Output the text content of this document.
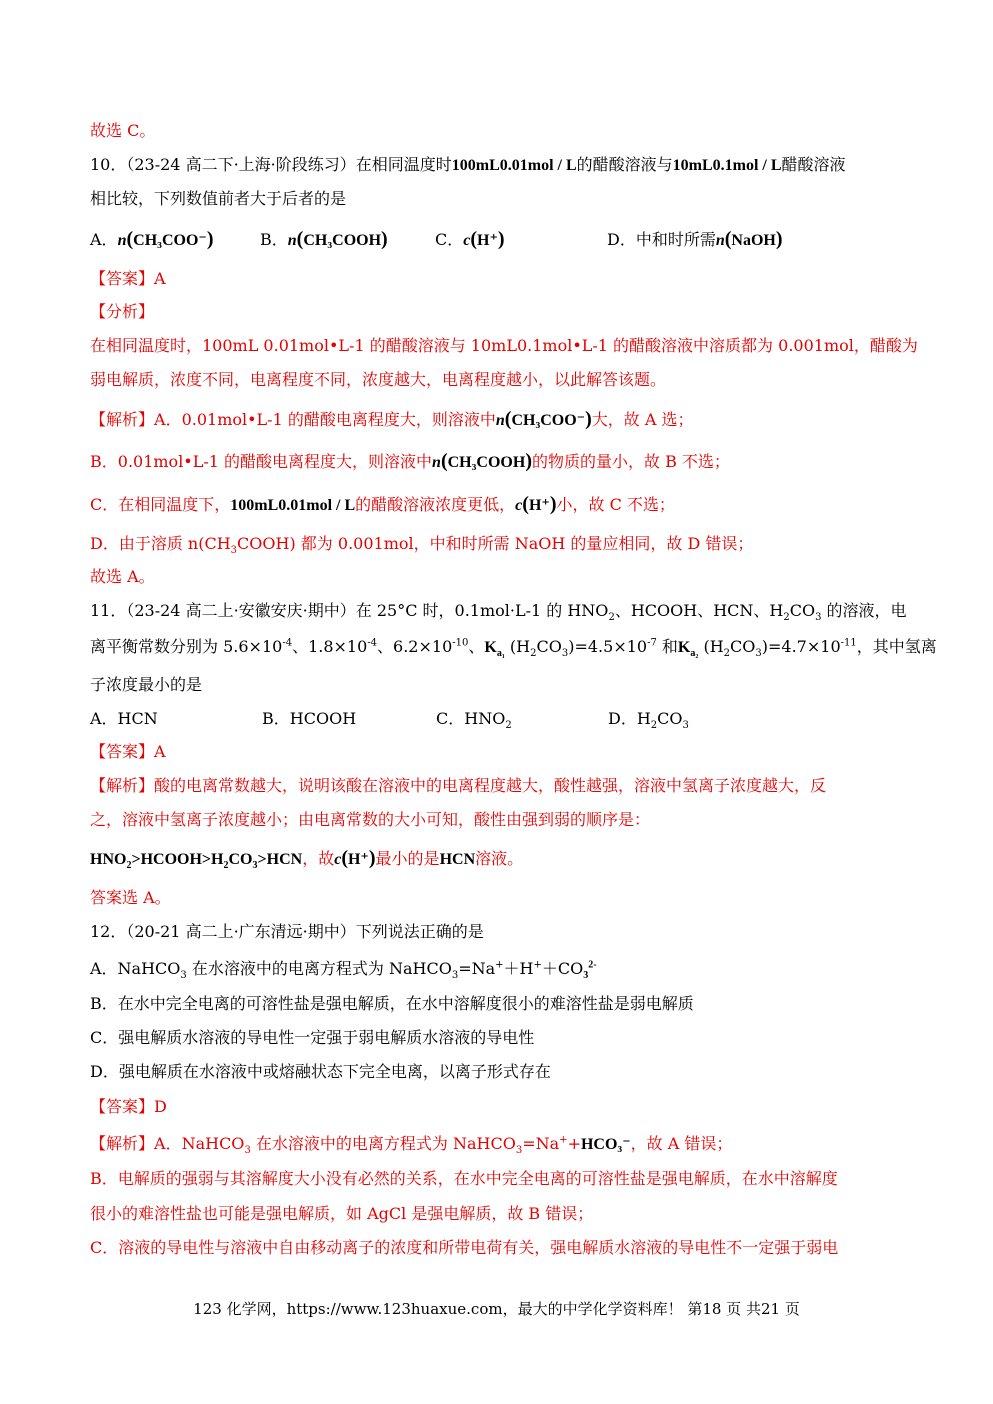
故选 C。
10．（23-24 高二下·上海·阶段练习）在相同温度时100mL0.01mol / L的醋酸溶液与10mL0.1mol / L醋酸溶液
相比较，下列数值前者大于后者的是
A．n(CH₃COO⁻)	B．n(CH₃COOH)	C．c(H⁺)	D．中和时所需n(NaOH)
【答案】A
【分析】
在相同温度时，100mL 0.01mol•L-1 的醋酸溶液与 10mL0.1mol•L-1 的醋酸溶液中溶质都为 0.001mol，醋酸为
弱电解质，浓度不同，电离程度不同，浓度越大，电离程度越小，以此解答该题。
【解析】A．0.01mol•L-1 的醋酸电离程度大，则溶液中n(CH₃COO⁻)大，故 A 选；
B．0.01mol•L-1 的醋酸电离程度大，则溶液中n(CH₃COOH)的物质的量小，故 B 不选；
C．在相同温度下，100mL0.01mol / L的醋酸溶液浓度更低，c(H⁺)小，故 C 不选；
D．由于溶质 $n(CH_3COOH)$ 都为 0.001mol，中和时所需 NaOH 的量应相同，故 D 错误；
故选 A。
11．（23-24 高二上·安徽安庆·期中）在 25°C 时，0.1mol·L-1 的 $HNO_2$、HCOOH、HCN、$H_2CO_3$ 的溶液，电
离平衡常数分别为 $5.6\times 10^{-4}$、$1.8\times 10^{-4}$、$6.2\times 10^{-10}$、$K_{a_1}$ $(H_2CO_3)=4.5\times 10^{-7}$ 和$K_{a_2}$ $(H_2CO_3)=4.7\times 10^{-11}$，其中氢离
子浓度最小的是
A．HCN	B．HCOOH	C．$HNO_2$	D．$H_2CO_3$
【答案】A
【解析】酸的电离常数越大，说明该酸在溶液中的电离程度越大，酸性越强，溶液中氢离子浓度越大，反
之，溶液中氢离子浓度越小；由电离常数的大小可知，酸性由强到弱的顺序是：
$HNO_2>HCOOH>H_2CO_3>HCN$，故c(H⁺)最小的是HCN溶液。
答案选 A。
12．（20-21 高二上·广东清远·期中）下列说法正确的是
A．NaHCO$_3$ 在水溶液中的电离方程式为 $NaHCO_3=Na^++H^++CO_3^{2-}$
B．在水中完全电离的可溶性盐是强电解质，在水中溶解度很小的难溶性盐是弱电解质
C．强电解质水溶液的导电性一定强于弱电解质水溶液的导电性
D．强电解质在水溶液中或熔融状态下完全电离，以离子形式存在
【答案】D
【解析】A．NaHCO$_3$ 在水溶液中的电离方程式为 NaHCO$_3$=Na++HCO₃⁻，故 A 错误；
B．电解质的强弱与其溶解度大小没有必然的关系，在水中完全电离的可溶性盐是强电解质，在水中溶解度
很小的难溶性盐也可能是强电解质，如 AgCl 是强电解质，故 B 错误；
C．溶液的导电性与溶液中自由移动离子的浓度和所带电荷有关，强电解质水溶液的导电性不一定强于弱电
123 化学网，https://www.123huaxue.com，最大的中学化学资料库！ 第18 页 共21 页
